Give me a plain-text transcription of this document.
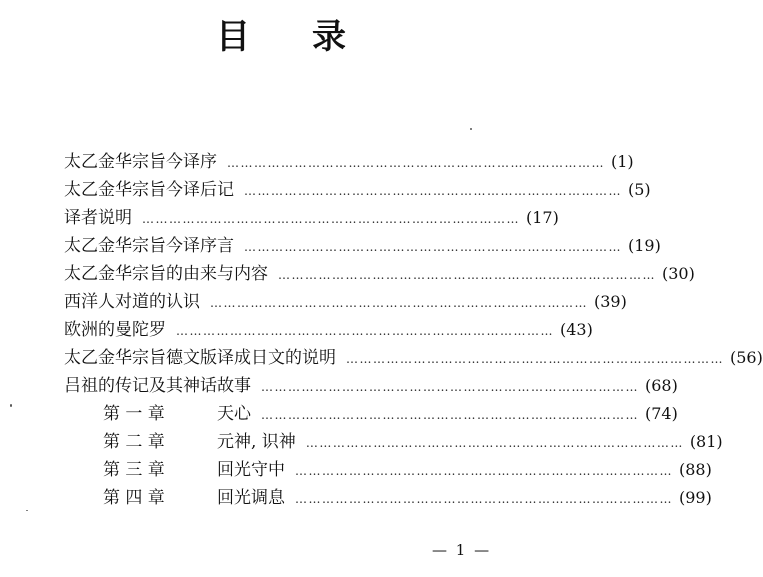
目 录
太乙金华宗旨今译序 ………………………………………………………………………… (1)
太乙金华宗旨今译后记 ………………………………………………………………………… (5)
译者说明 ………………………………………………………………………… (17)
太乙金华宗旨今译序言 ………………………………………………………………………… (19)
太乙金华宗旨的由来与内容 ………………………………………………………………………… (30)
西洋人对道的认识 ………………………………………………………………………… (39)
欧洲的曼陀罗 ………………………………………………………………………… (43)
太乙金华宗旨德文版译成日文的说明 ………………………………………………………………………… (56)
吕祖的传记及其神话故事 ………………………………………………………………………… (68)
第 一 章	天心 ………………………………………………………………………… (74)
第 二 章	元神, 识神 ………………………………………………………………………… (81)
第 三 章	回光守中 ………………………………………………………………………… (88)
第 四 章	回光调息 ………………………………………………………………………… (99)
— 1 —
